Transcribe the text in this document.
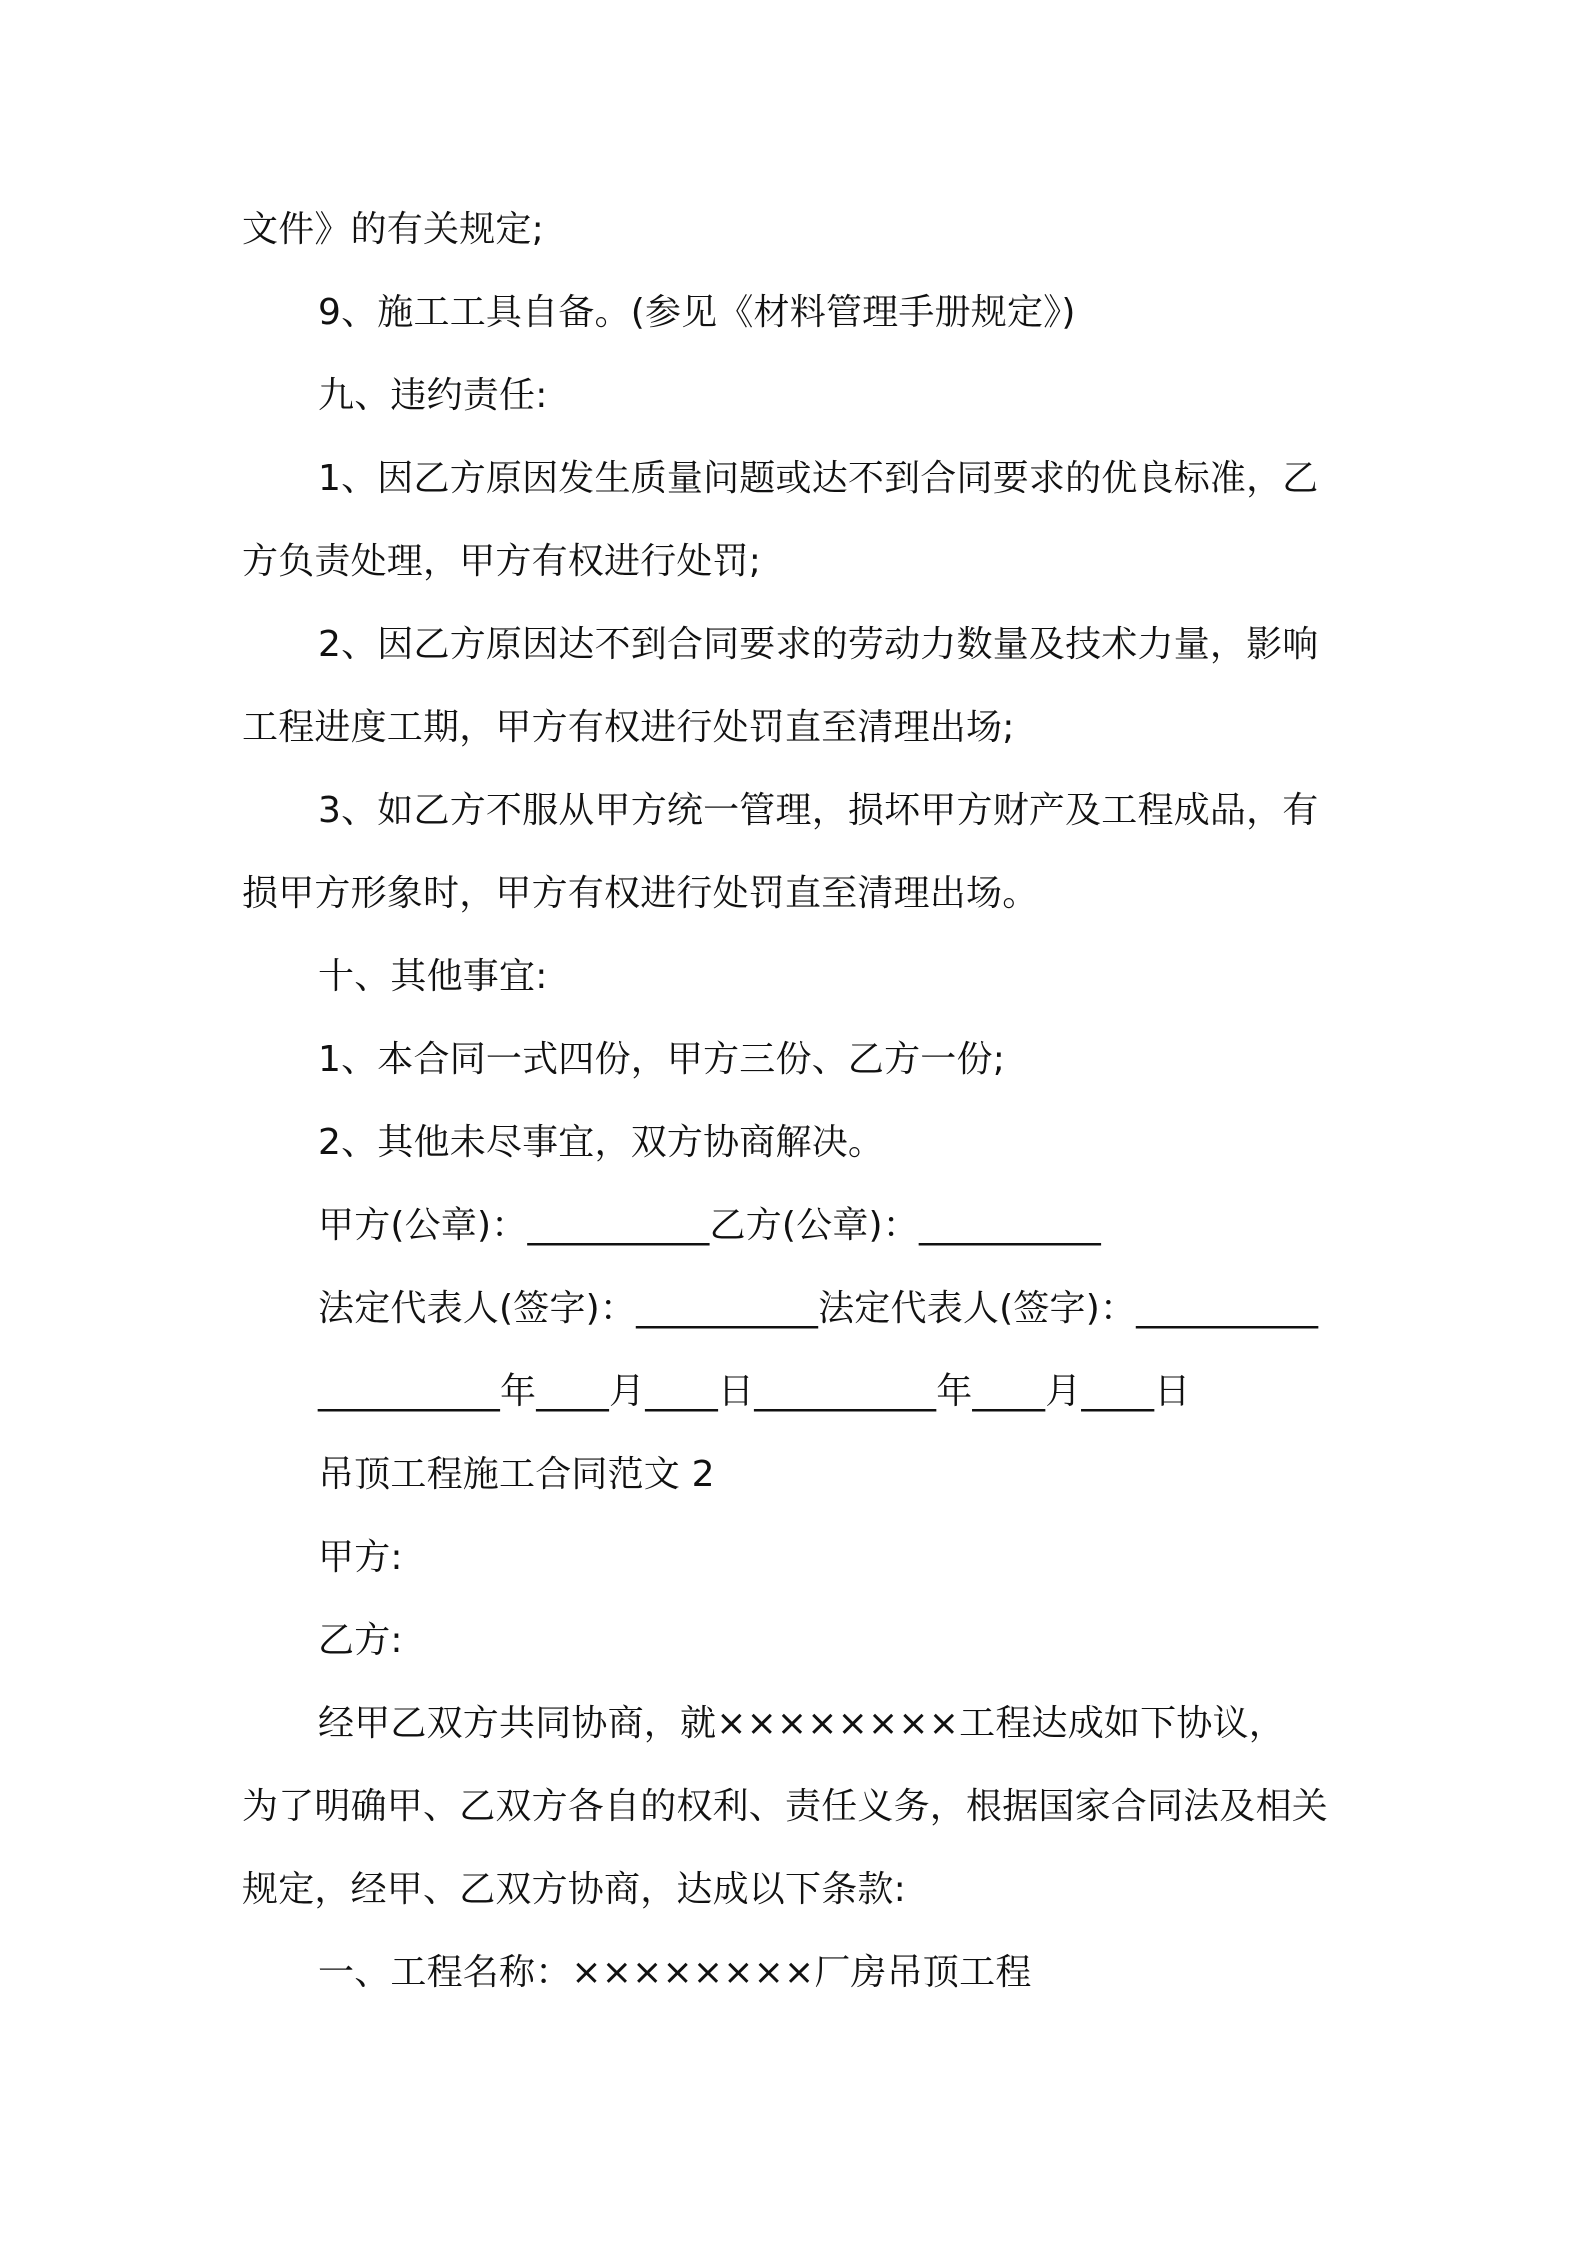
文件》的有关规定;
9、施工工具自备。(参见《材料管理手册规定》)
九、违约责任:
1、因乙方原因发生质量问题或达不到合同要求的优良标准，乙
方负责处理，甲方有权进行处罚;
2、因乙方原因达不到合同要求的劳动力数量及技术力量，影响
工程进度工期，甲方有权进行处罚直至清理出场;
3、如乙方不服从甲方统一管理，损坏甲方财产及工程成品，有
损甲方形象时，甲方有权进行处罚直至清理出场。
十、其他事宜:
1、本合同一式四份，甲方三份、乙方一份;
2、其他未尽事宜，双方协商解决。
甲方(公章)：__________乙方(公章)：__________
法定代表人(签字)：__________法定代表人(签字)：__________
__________年____月____日__________年____月____日
吊顶工程施工合同范文 2
甲方:
乙方:
经甲乙双方共同协商，就××××××××工程达成如下协议，
为了明确甲、乙双方各自的权利、责任义务，根据国家合同法及相关
规定，经甲、乙双方协商，达成以下条款:
一、工程名称：××××××××厂房吊顶工程
